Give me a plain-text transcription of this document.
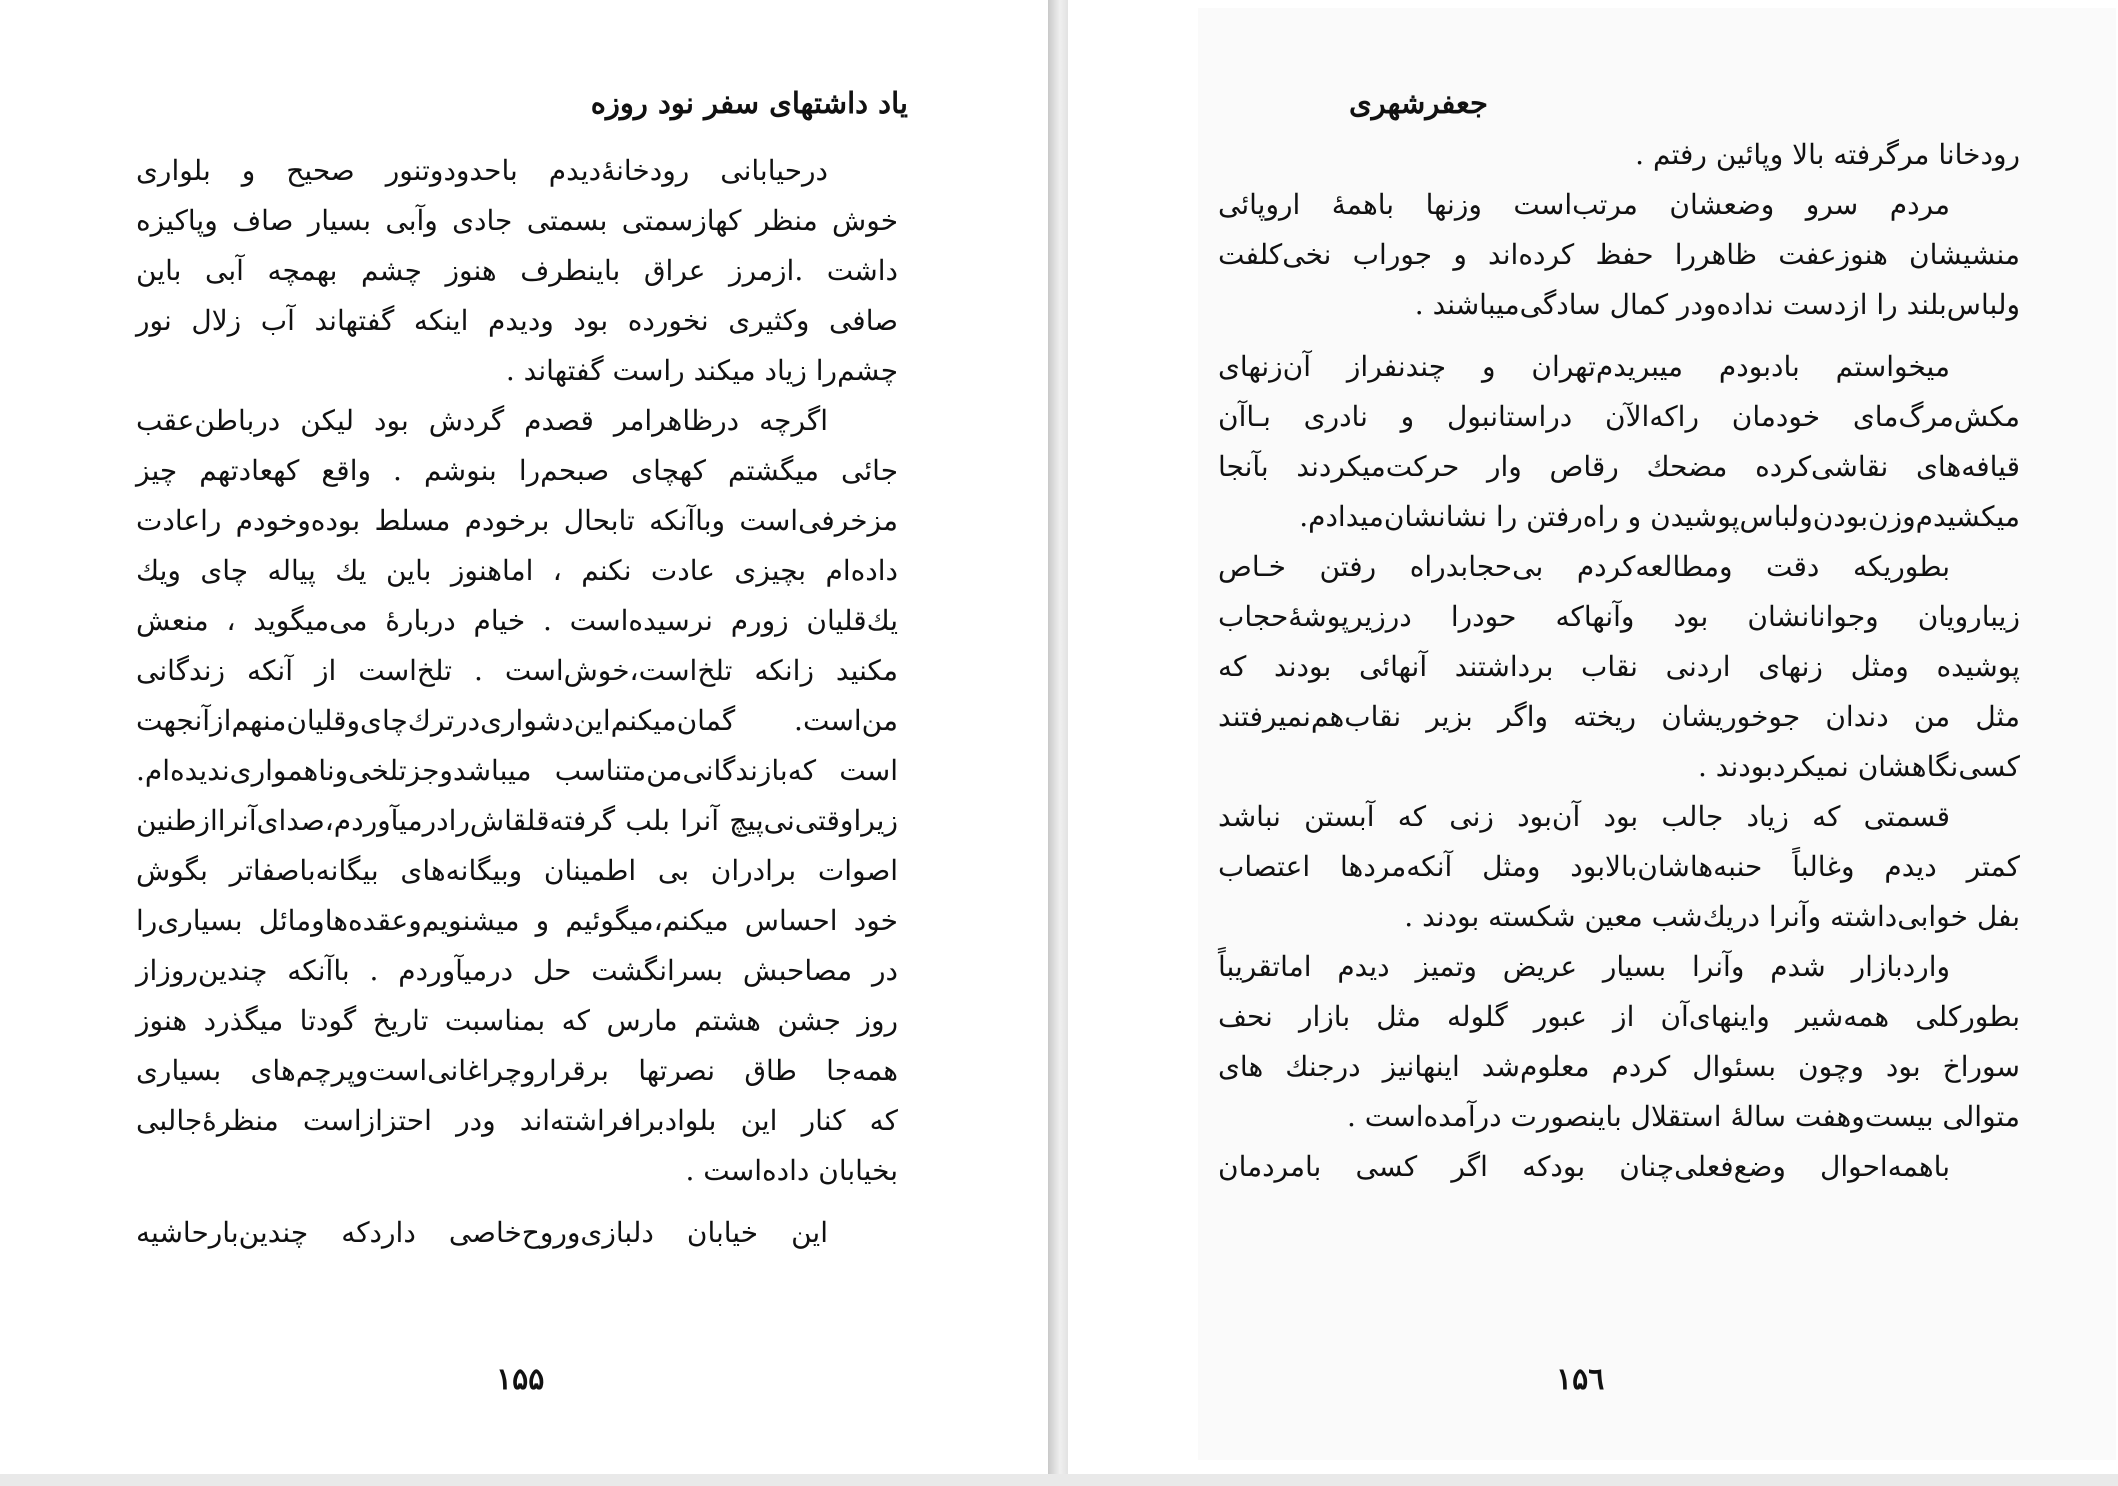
یاد داشتهای سفر نود روزه
درحیابانی رودخانۀدیدم باحدودوتنور صحیح و بلواری
خوش منظر کهازسمتی بسمتی جادی وآبی بسیار صاف وپاکیزه
داشت .ازمرز عراق باینطرف هنوز چشم بهمچه آبی باین
صافی وکثیری نخورده بود ودیدم اینکه گفتهاند آب زلال نور
چشم‌را زیاد میکند راست گفتهاند .
اگرچه درظاهرامر قصدم گردش بود لیکن درباطن‌عقب
جائی میگشتم کهچای صبحم‌را بنوشم . واقع کهعادتهم چیز
مزخرفی‌است وباآنکه تابحال برخودم مسلط بوده‌وخودم راعادت
داده‌ام بچیزی عادت نکنم ، اماهنوز باین یك پیاله چای ویك
یك‌قلیان زورم نرسیده‌است . خیام دربارۀ می‌میگوید ، منعش
مکنید زانکه تلخ‌است،خوش‌است . تلخ‌است از آنکه زندگانی
من‌است. گمان‌میکنم‌این‌دشواری‌درترك‌چای‌وقلیان‌منهم‌ازآنجهت
است که‌بازندگانی‌من‌متناسب میباشدوجزتلخی‌وناهمواری‌ندیده‌ام.
زیراوقتی‌نی‌پیچ آنرا بلب گرفته‌قلقاش‌رادرمیآوردم،صدای‌آنراازطنین
اصوات برادران بی اطمینان وبیگانه‌های بیگانه‌باصفاتر بگوش
خود احساس میکنم،میگوئیم و میشنویم‌وعقده‌هاومائل بسیاری‌را
در مصاحبش بسرانگشت حل درمیآوردم . باآنکه چندین‌روزاز
روز جشن هشتم مارس که بمناسبت تاریخ گودتا میگذرد هنوز
همه‌جا طاق نصرتها برقراروچراغانی‌است‌وپرچم‌های بسیاری
که کنار این بلوادبرافراشته‌اند ودر احتزازاست منظرۀجالبی
بخیابان داده‌است .
این خیابان دلبازی‌وروح‌خاصی داردکه چندین‌بارحاشیه
۱۵۵
جعفرشهری
رودخانا مرگرفته بالا وپائین رفتم .
مردم سرو وضعشان مرتب‌است وزنها باهمۀ اروپائی
منشیشان هنوزعفت ظاهررا حفظ کرده‌اند و جوراب نخی‌کلفت
ولباس‌بلند را ازدست نداده‌ودر کمال سادگی‌میباشند .
میخواستم بادبودم میبریدم‌تهران و چندنفراز آن‌زنهای
مکش‌مرگ‌مای خودمان راکه‌الآن دراستانبول و نادری بـاآن
قیافه‌های نقاشی‌کرده مضحك رقاص وار حرکت‌میکردند بآنجا
میکشیدم‌وزن‌بودن‌ولباس‌پوشیدن و راه‌رفتن را نشانشان‌میدادم.
بطوریکه دقت ومطالعه‌کردم بی‌حجابدراه رفتن خـاص
زیبارویان وجوانانشان بود وآنهاکه حودرا درزیرپوشۀحجاب
پوشیده ومثل زنهای اردنی نقاب برداشتند آنهائی بودند که
مثل من دندان جوخوریشان ریخته واگر بزیر نقاب‌هم‌نمیرفتند
کسی‌نگاهشان نمیکردبودند .
قسمتی که زیاد جالب بود آن‌بود زنی که آبستن نباشد
کمتر دیدم وغالباً حنبه‌هاشان‌بالابود ومثل آنکه‌مردها اعتصاب
بفل خوابی‌داشته وآنرا دریك‌شب معین شکسته بودند .
وارد‌بازار شدم وآنرا بسیار عریض وتمیز دیدم اماتقریباً
بطورکلی همه‌شیر واینهای‌آن از عبور گلوله مثل بازار نحف
سوراخ بود وچون بسئوال کردم معلوم‌شد اینهانیز درجنك های
متوالی بیست‌وهفت سالۀ استقلال باینصورت درآمده‌است .
باهمه‌احوال وضع‌فعلی‌چنان بودکه اگر کسی بامردمان
۱۵٦
